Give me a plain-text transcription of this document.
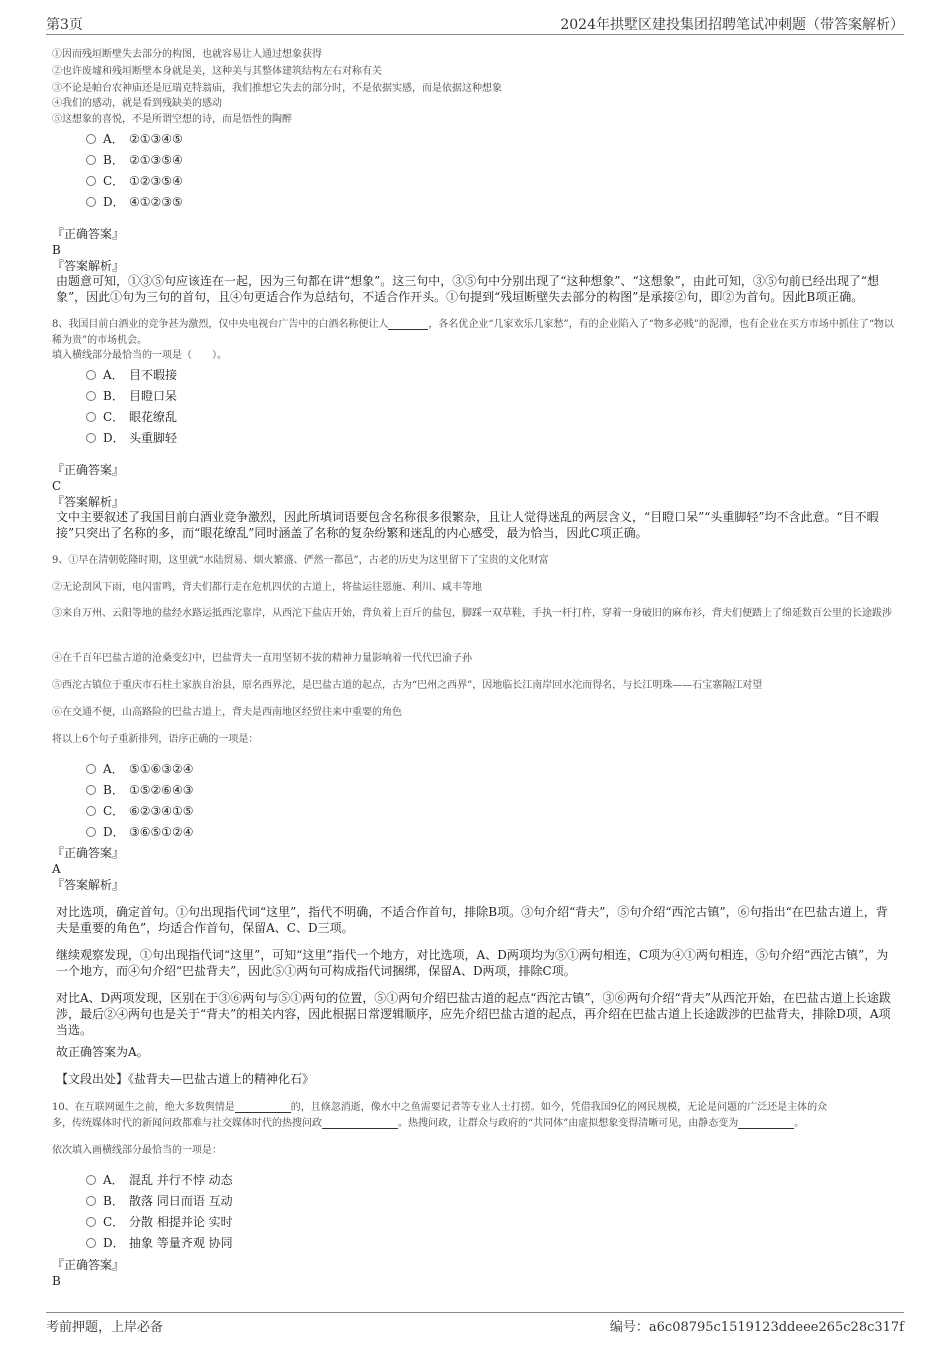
第3页	2024年拱墅区建投集团招聘笔试冲刺题（带答案解析）
①因而残垣断壁失去部分的构图，也就容易让人通过想象获得
②也许废墟和残垣断壁本身就是美，这种美与其整体建筑结构左右对称有关
③不论是帕台农神庙还是厄瑞克特翁庙，我们推想它失去的部分时，不是依据实感，而是依据这种想象
④我们的感动，就是看到残缺美的感动
⑤这想象的喜悦，不是所谓空想的诗，而是悟性的陶醉
A． ②①③④⑤
B． ②①③⑤④
C． ①②③⑤④
D． ④①②③⑤
『正确答案』
B
『答案解析』
由题意可知，①③⑤句应该连在一起，因为三句都在讲“想象”。这三句中，③⑤句中分别出现了“这种想象”、“这想象”，由此可知，③⑤句前已经出现了“想象”，因此①句为三句的首句，且④句更适合作为总结句，不适合作开头。①句提到“残垣断壁失去部分的构图”是承接②句，即②为首句。因此B项正确。
8、我国目前白酒业的竞争甚为激烈，仅中央电视台广告中的白酒名称便让人	，各名优企业“几家欢乐几家愁”，有的企业陷入了“物多必贱”的泥潭，也有企业在买方市场中抓住了“物以稀为贵”的市场机会。
填入横线部分最恰当的一项是（　　）。
A． 目不暇接
B． 目瞪口呆
C． 眼花缭乱
D． 头重脚轻
『正确答案』
C
『答案解析』
文中主要叙述了我国目前白酒业竞争激烈，因此所填词语要包含名称很多很繁杂，且让人觉得迷乱的两层含义，“目瞪口呆”“头重脚轻”均不含此意。“目不暇接”只突出了名称的多，而“眼花缭乱”同时涵盖了名称的复杂纷繁和迷乱的内心感受，最为恰当，因此C项正确。
9、①早在清朝乾隆时期，这里就“水陆贸易、烟火繁盛、俨然一都邑”，古老的历史为这里留下了宝贵的文化财富
②无论刮风下雨，电闪雷鸣，背夫们都行走在危机四伏的古道上，将盐运往恩施、利川、咸丰等地
③来自万州、云阳等地的盐经水路运抵西沱靠岸，从西沱下盐店开始，背负着上百斤的盐包，脚踩一双草鞋，手执一杆打杵，穿着一身破旧的麻布衫，背夫们便踏上了绵延数百公里的长途跋涉
④在千百年巴盐古道的沧桑变幻中，巴盐背夫一直用坚韧不拔的精神力量影响着一代代巴渝子孙
⑤西沱古镇位于重庆市石柱土家族自治县，原名西界沱，是巴盐古道的起点，古为“巴州之西界”，因地临长江南岸回水沱而得名，与长江明珠——石宝寨隔江对望
⑥在交通不便，山高路险的巴盐古道上，背夫是西南地区经贸往来中重要的角色
将以上6个句子重新排列，语序正确的一项是：
A． ⑤①⑥③②④
B． ①⑤②⑥④③
C． ⑥②③④①⑤
D． ③⑥⑤①②④
『正确答案』
A
『答案解析』
对比选项，确定首句。①句出现指代词“这里”，指代不明确，不适合作首句，排除B项。③句介绍“背夫”，⑤句介绍“西沱古镇”，⑥句指出“在巴盐古道上，背夫是重要的角色”，均适合作首句，保留A、C、D三项。
继续观察发现，①句出现指代词“这里”，可知“这里”指代一个地方，对比选项，A、D两项均为⑤①两句相连，C项为④①两句相连，⑤句介绍“西沱古镇”，为一个地方，而④句介绍“巴盐背夫”，因此⑤①两句可构成指代词捆绑，保留A、D两项，排除C项。
对比A、D两项发现，区别在于③⑥两句与⑤①两句的位置，⑤①两句介绍巴盐古道的起点“西沱古镇”，③⑥两句介绍“背夫”从西沱开始，在巴盐古道上长途跋涉，最后②④两句也是关于“背夫”的相关内容，因此根据日常逻辑顺序，应先介绍巴盐古道的起点，再介绍在巴盐古道上长途跋涉的巴盐背夫，排除D项，A项当选。
故正确答案为A。
【文段出处】《盐背夫—巴盐古道上的精神化石》
10、在互联网诞生之前，绝大多数舆情是	的，且倏忽消逝，像水中之鱼需要记者等专业人士打捞。如今，凭借我国9亿的网民规模，无论是问题的广泛还是主体的众
多，传统媒体时代的新闻问政都难与社交媒体时代的热搜问政	。热搜问政，让群众与政府的“共同体”由虚拟想象变得清晰可见，由静态变为	。
依次填入画横线部分最恰当的一项是：
A． 混乱 并行不悖 动态
B． 散落 同日而语 互动
C． 分散 相提并论 实时
D． 抽象 等量齐观 协同
『正确答案』
B
考前押题，上岸必备	编号：a6c08795c1519123ddeee265c28c317f
